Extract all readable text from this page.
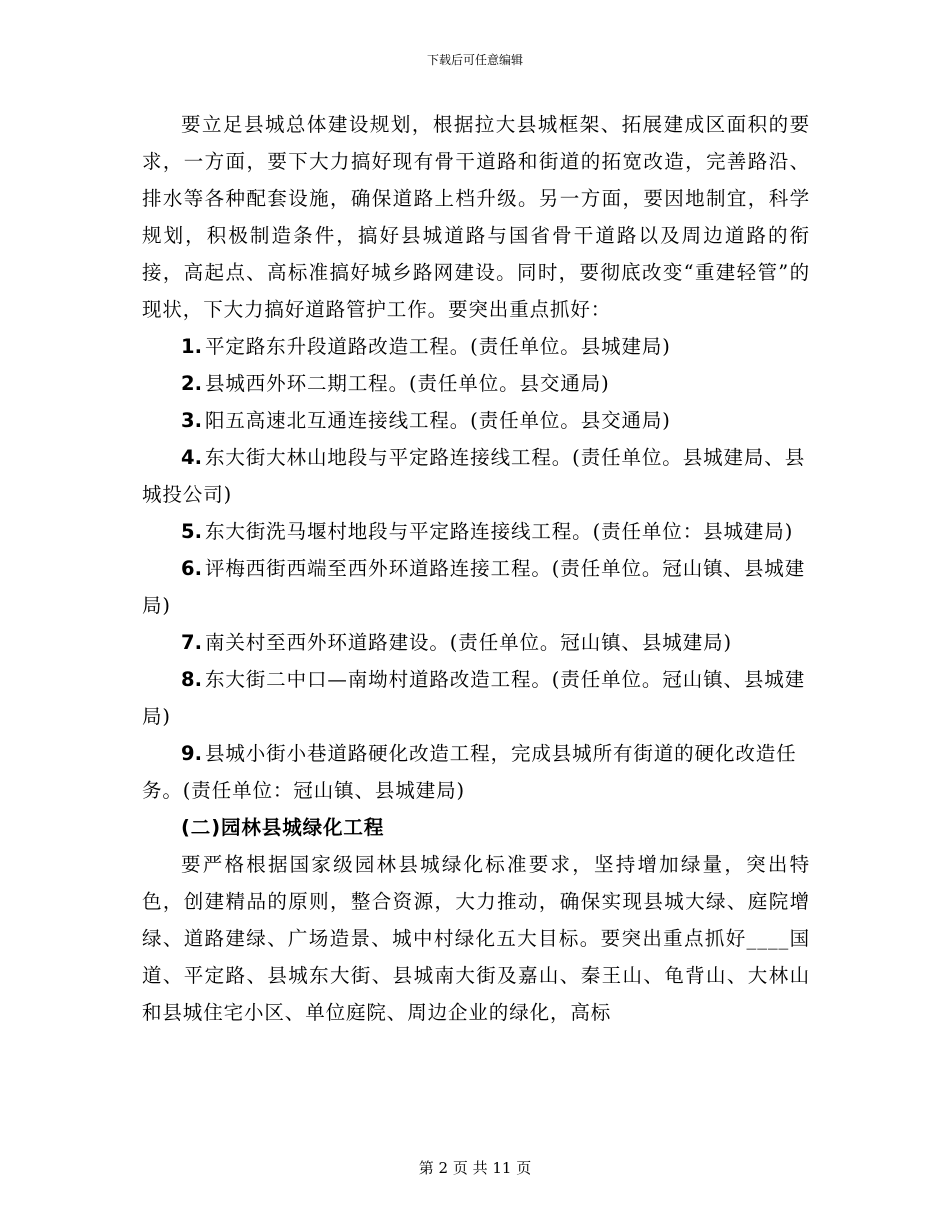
下载后可任意编辑

要立足县城总体建设规划，根据拉大县城框架、拓展建成区面积的要求，一方面，要下大力搞好现有骨干道路和街道的拓宽改造，完善路沿、排水等各种配套设施，确保道路上档升级。另一方面，要因地制宜，科学规划，积极制造条件，搞好县城道路与国省骨干道路以及周边道路的衔接，高起点、高标准搞好城乡路网建设。同时，要彻底改变“重建轻管”的现状，下大力搞好道路管护工作。要突出重点抓好：

1. 平定路东升段道路改造工程。(责任单位。县城建局)
2. 县城西外环二期工程。(责任单位。县交通局)
3. 阳五高速北互通连接线工程。(责任单位。县交通局)
4. 东大街大林山地段与平定路连接线工程。(责任单位。县城建局、县城投公司)
5. 东大街洗马堰村地段与平定路连接线工程。(责任单位：县城建局)
6. 评梅西街西端至西外环道路连接工程。(责任单位。冠山镇、县城建局)
7. 南关村至西外环道路建设。(责任单位。冠山镇、县城建局)
8. 东大街二中口—南坳村道路改造工程。(责任单位。冠山镇、县城建局)
9. 县城小街小巷道路硬化改造工程，完成县城所有街道的硬化改造任务。(责任单位：冠山镇、县城建局)
(二)园林县城绿化工程

要严格根据国家级园林县城绿化标准要求，坚持增加绿量，突出特色，创建精品的原则，整合资源，大力推动，确保实现县城大绿、庭院增绿、道路建绿、广场造景、城中村绿化五大目标。要突出重点抓好____国道、平定路、县城东大街、县城南大街及嘉山、秦王山、龟背山、大林山和县城住宅小区、单位庭院、周边企业的绿化，高标

第 2 页 共 11 页
